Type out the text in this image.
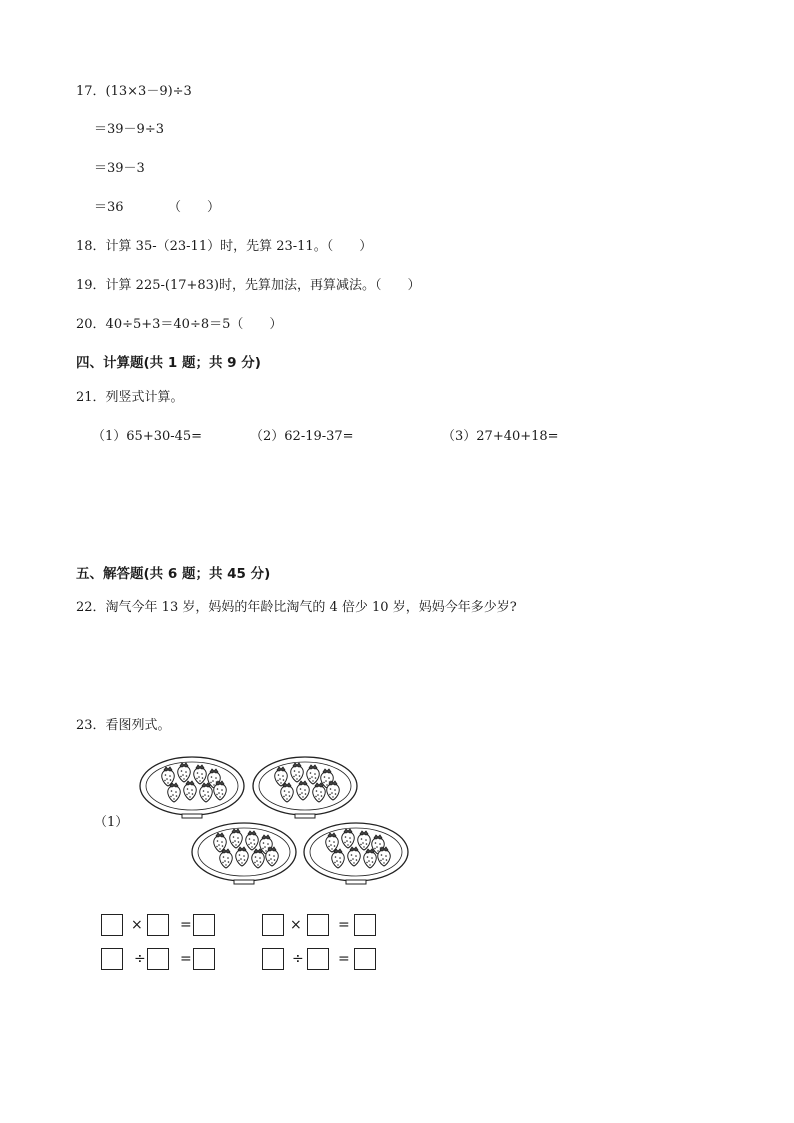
17．(13×3－9)÷3
＝39－9÷3
＝39－3
＝36	（　　）
18．计算 35-（23-11）时，先算 23-11。（　　）
19．计算 225-(17+83)时，先算加法，再算减法。（　　）
20．40÷5+3＝40÷8＝5（　　）
四、计算题(共 1 题；共 9 分)
21．列竖式计算。
（1）65+30-45=	（2）62-19-37=	（3）27+40+18=
五、解答题(共 6 题；共 45 分)
22．淘气今年 13 岁，妈妈的年龄比淘气的 4 倍少 10 岁，妈妈今年多少岁?
23．看图列式。
（1）
×	=
÷ =
×	=
÷ =
